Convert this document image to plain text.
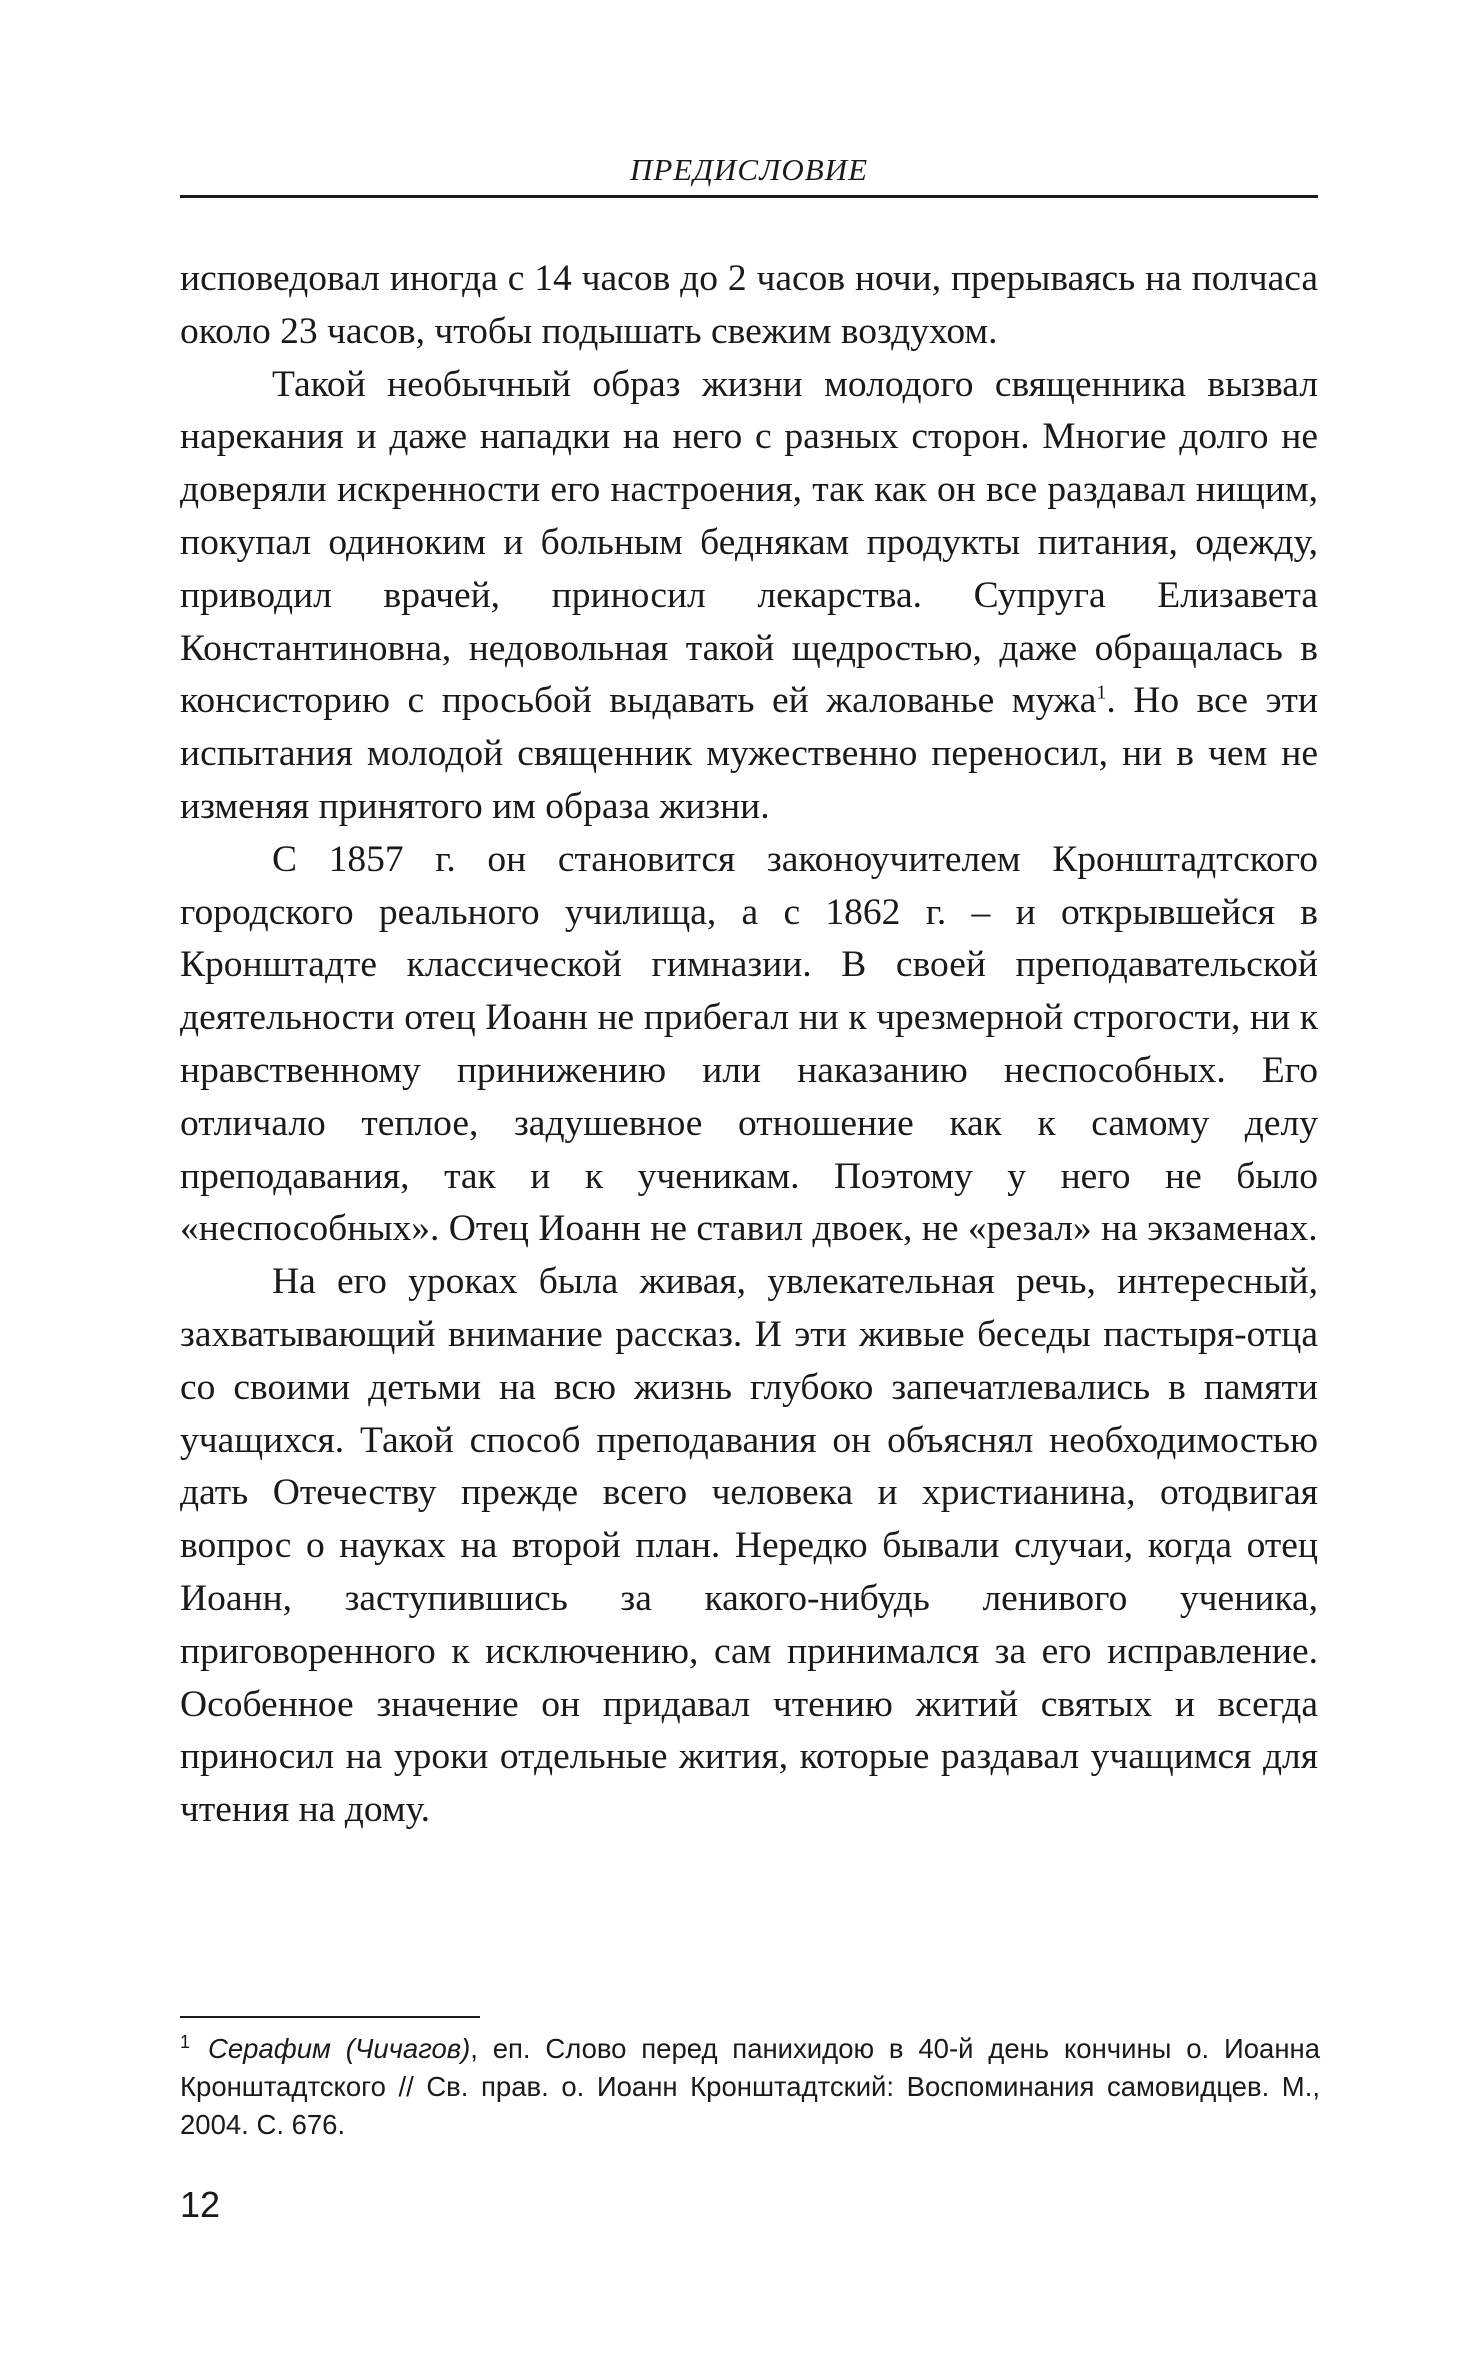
ПРЕДИСЛОВИЕ

исповедовал иногда с 14 часов до 2 часов ночи, прерываясь на полчаса около 23 часов, чтобы подышать свежим воздухом.

Такой необычный образ жизни молодого священника вызвал нарекания и даже нападки на него с разных сторон. Многие долго не доверяли искренности его настроения, так как он все раздавал нищим, покупал одиноким и больным беднякам продукты питания, одежду, приводил врачей, приносил лекарства. Супруга Елизавета Константиновна, недовольная такой щедростью, даже обращалась в консисторию с просьбой выдавать ей жалованье мужа$^1$. Но все эти испытания молодой священник мужественно переносил, ни в чем не изменяя принятого им образа жизни.

С 1857 г. он становится законоучителем Кронштадтского городского реального училища, а с 1862 г. – и открывшейся в Кронштадте классической гимназии. В своей преподавательской деятельности отец Иоанн не прибегал ни к чрезмерной строгости, ни к нравственному принижению или наказанию неспособных. Его отличало теплое, задушевное отношение как к самому делу преподавания, так и к ученикам. Поэтому у него не было «неспособных». Отец Иоанн не ставил двоек, не «резал» на экзаменах.

На его уроках была живая, увлекательная речь, интересный, захватывающий внимание рассказ. И эти живые беседы пастыря-отца со своими детьми на всю жизнь глубоко запечатлевались в памяти учащихся. Такой способ преподавания он объяснял необходимостью дать Отечеству прежде всего человека и христианина, отодвигая вопрос о науках на второй план. Нередко бывали случаи, когда отец Иоанн, заступившись за какого-нибудь ленивого ученика, приговоренного к исключению, сам принимался за его исправление. Особенное значение он придавал чтению житий святых и всегда приносил на уроки отдельные жития, которые раздавал учащимся для чтения на дому.

$^1$ Серафим (Чичагов), еп. Слово перед панихидою в 40-й день кончины о. Иоанна Кронштадтского // Св. прав. о. Иоанн Кронштадтский: Воспоминания самовидцев. М., 2004. С. 676.
12
